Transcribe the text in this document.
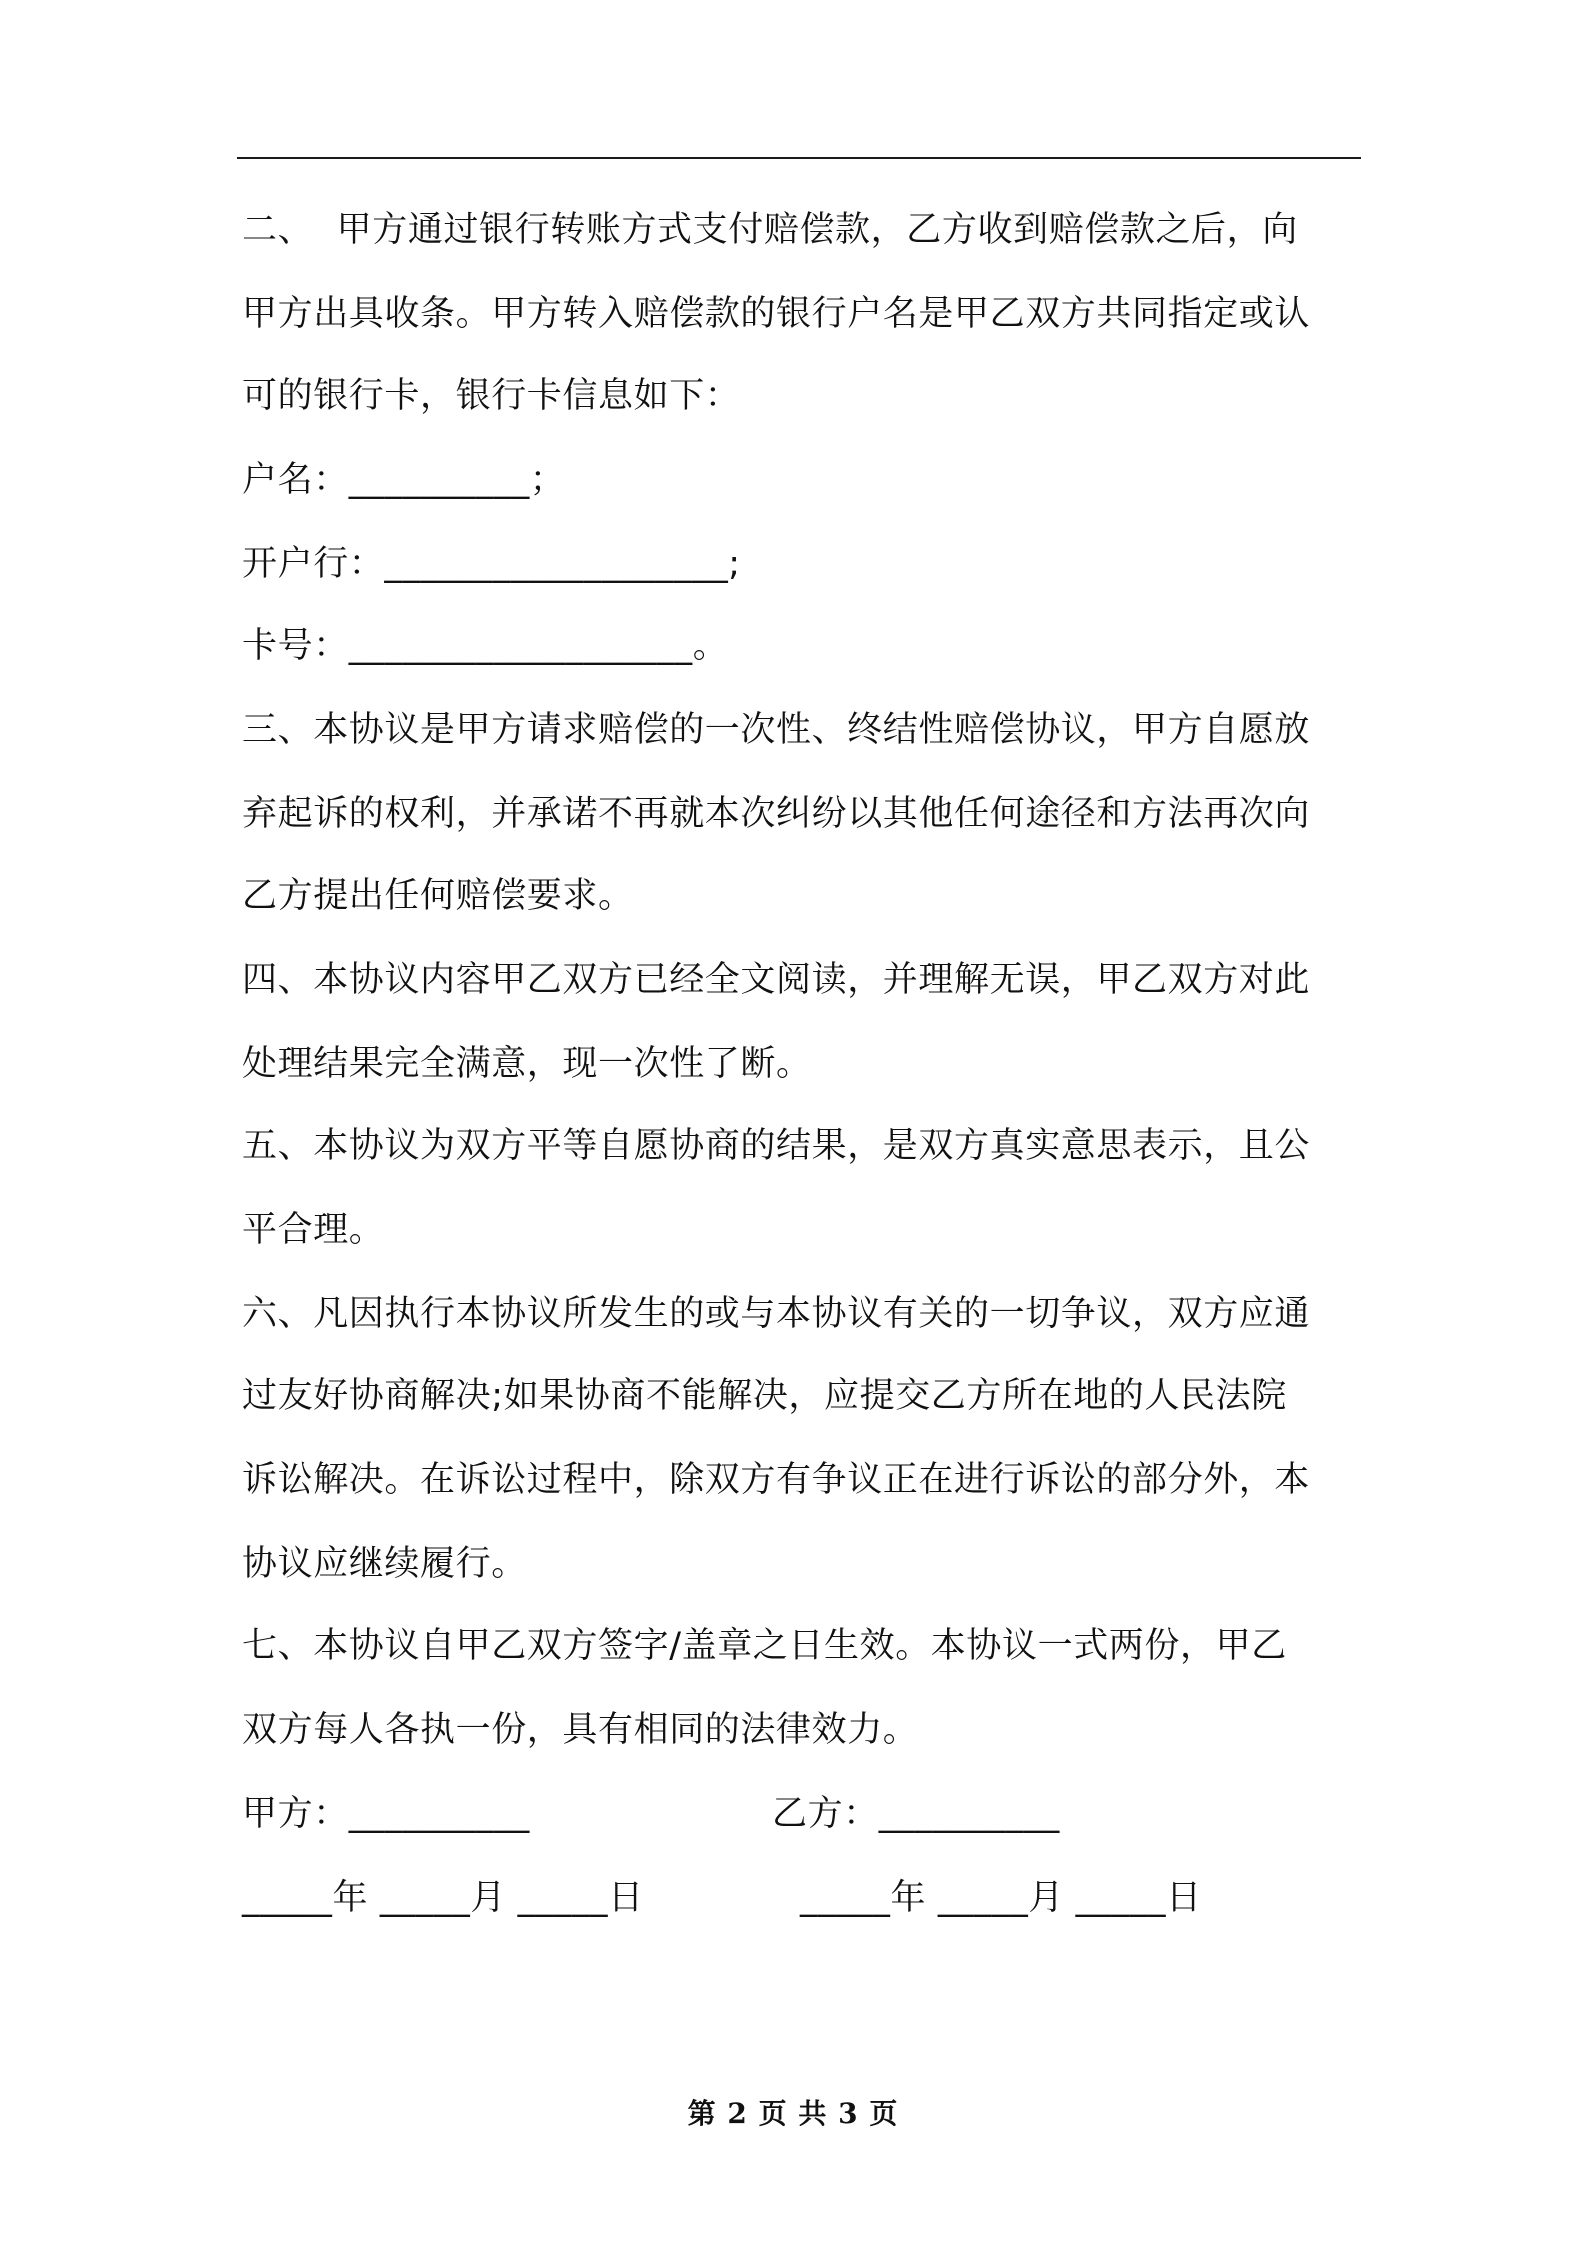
二、  甲方通过银行转账方式支付赔偿款，乙方收到赔偿款之后，向
甲方出具收条。甲方转入赔偿款的银行户名是甲乙双方共同指定或认
可的银行卡，银行卡信息如下：
户名：__________；
开户行：___________________;
卡号：___________________。
三、本协议是甲方请求赔偿的一次性、终结性赔偿协议，甲方自愿放
弃起诉的权利，并承诺不再就本次纠纷以其他任何途径和方法再次向
乙方提出任何赔偿要求。
四、本协议内容甲乙双方已经全文阅读，并理解无误，甲乙双方对此
处理结果完全满意，现一次性了断。
五、本协议为双方平等自愿协商的结果，是双方真实意思表示，且公
平合理。
六、凡因执行本协议所发生的或与本协议有关的一切争议，双方应通
过友好协商解决;如果协商不能解决，应提交乙方所在地的人民法院
诉讼解决。在诉讼过程中，除双方有争议正在进行诉讼的部分外，本
协议应继续履行。
七、本协议自甲乙双方签字/盖章之日生效。本协议一式两份，甲乙
双方每人各执一份，具有相同的法律效力。
甲方：__________	乙方：__________
_____年 _____月 _____日	_____年 _____月 _____日
第 2 页 共 3 页
